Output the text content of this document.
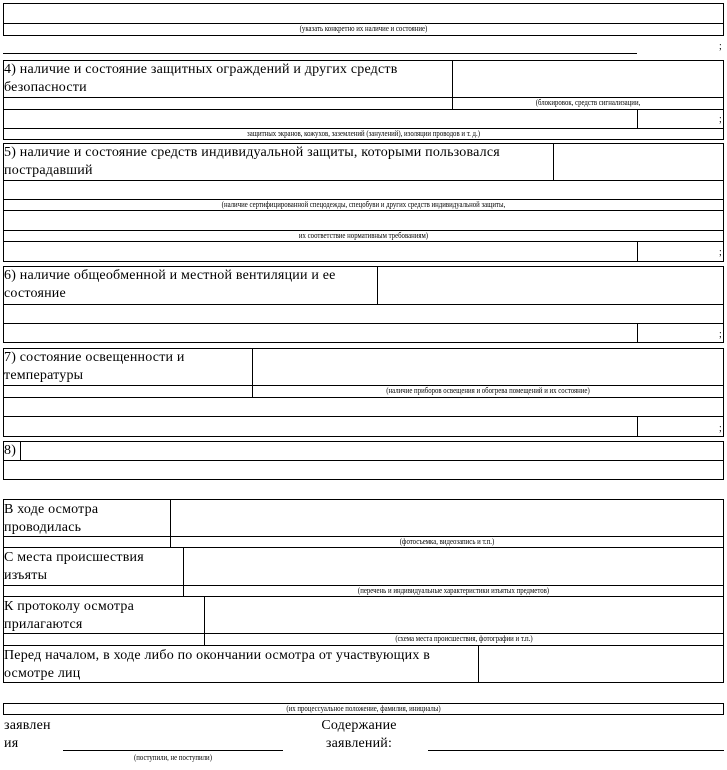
(указать конкретно их наличие и состояние)
;
4) наличие и состояние защитных ограждений и других средств безопасности
(блокировок, средств сигнализации,
;
защитных экранов, кожухов, заземлений (занулений), изоляции проводов и т. д.)
5) наличие и состояние средств индивидуальной защиты, которыми пользовался пострадавший
(наличие сертифицированной спецодежды, спецобуви и других средств индивидуальной защиты,
их соответствие нормативным требованиям)
;
6) наличие общеобменной и местной вентиляции и ее состояние
;
7) состояние освещенности и температуры
(наличие приборов освещения и обогрева помещений и их состояние)
;
8)
В ходе осмотра проводилась
(фотосъемка, видеозапись и т.п.)
С места происшествия изъяты
(перечень и индивидуальные характеристики изъятых предметов)
К протоколу осмотра прилагаются
(схема места происшествия, фотографии и т.п.)
Перед началом, в ходе либо по окончании осмотра от участвующих в осмотре лиц
(их процессуальное положение, фамилия, инициалы)
заявлен ия
(поступили, не поступили)
Содержание заявлений:
